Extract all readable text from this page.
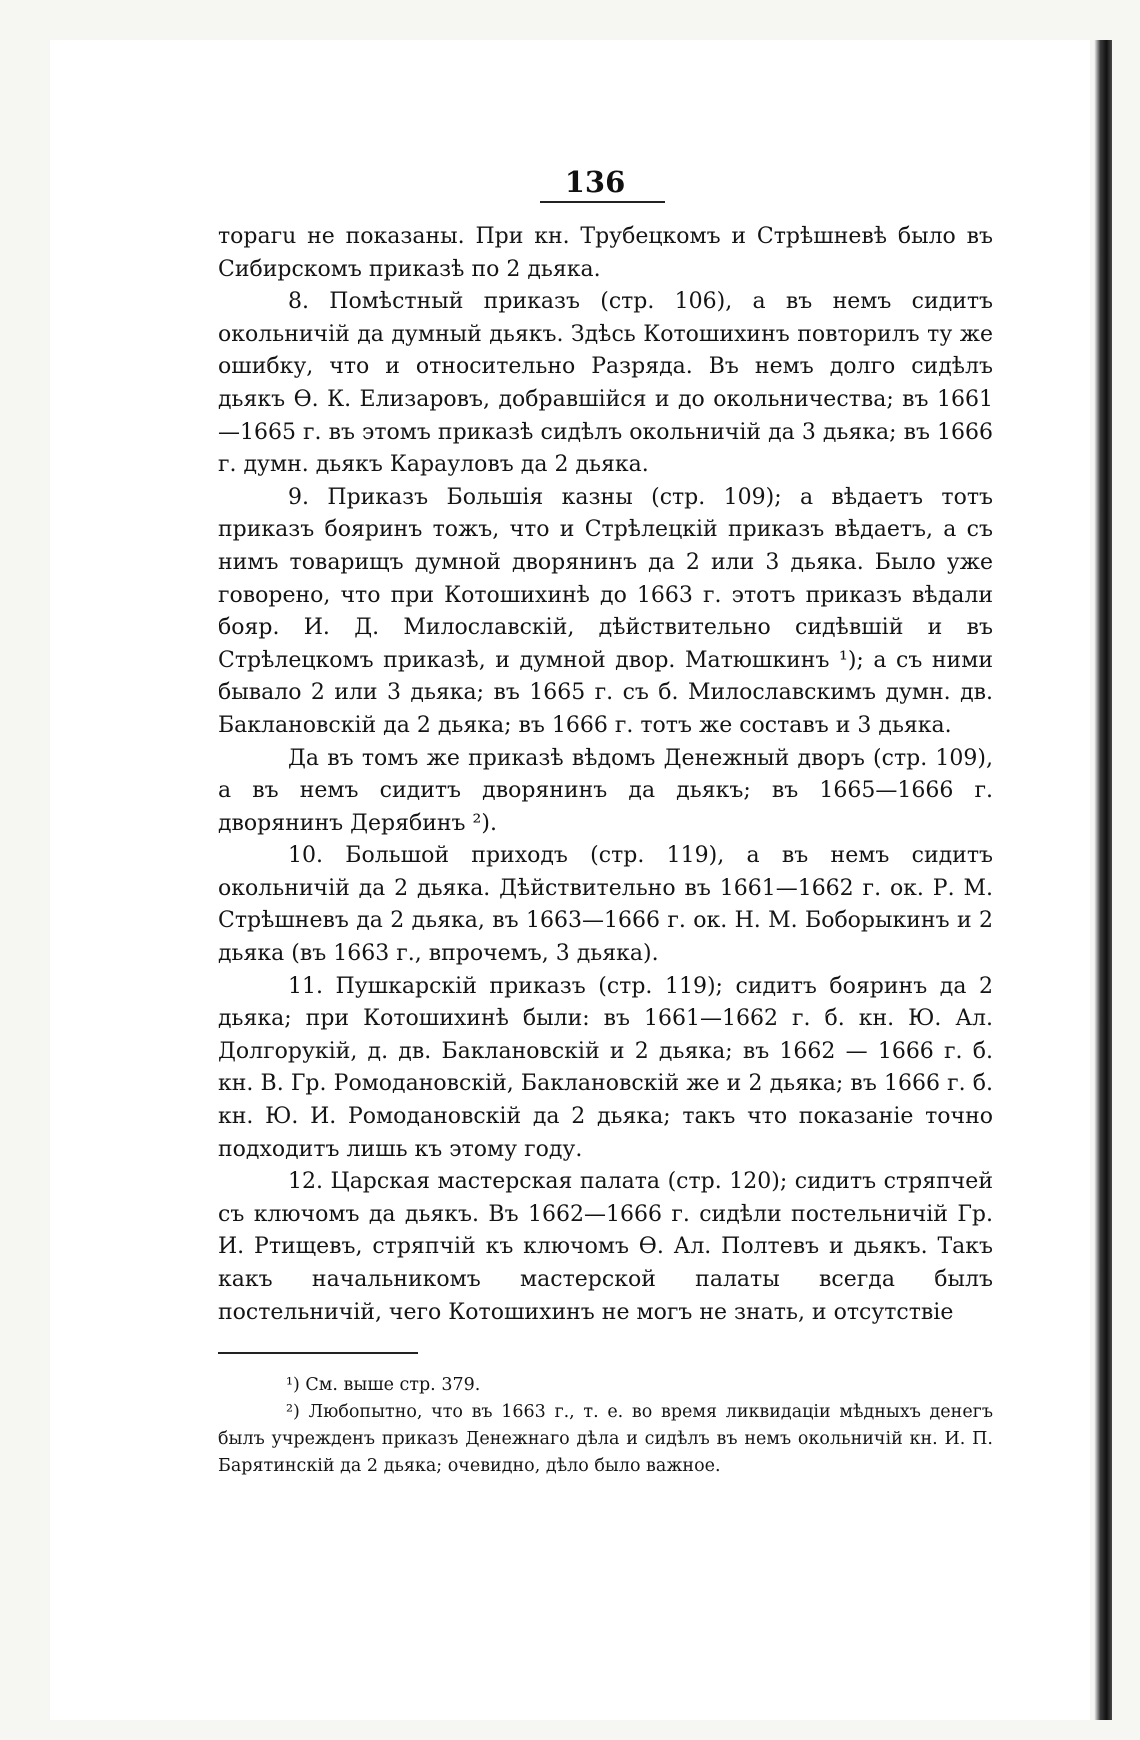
136

торагu не показаны. При кн. Трубецкомъ и Стрѣшневѣ было въ Сибирскомъ приказѣ по 2 дьяка.

8. Помѣстный приказъ (стр. 106), а въ немъ сидитъ окольничій да думный дьякъ. Здѣсь Котошихинъ повторилъ ту же ошибку, что и относительно Разряда. Въ немъ долго сидѣлъ дьякъ Ѳ. К. Елизаровъ, добравшійся и до окольничества; въ 1661—1665 г. въ этомъ приказѣ сидѣлъ окольничій да 3 дьяка; въ 1666 г. думн. дьякъ Карауловъ да 2 дьяка.

9. Приказъ Большія казны (стр. 109); а вѣдаетъ тотъ приказъ бояринъ тожъ, что и Стрѣлецкій приказъ вѣдаетъ, а съ нимъ товарищъ думной дворянинъ да 2 или 3 дьяка. Было уже говорено, что при Котошихинѣ до 1663 г. этотъ приказъ вѣдали бояр. И. Д. Милославскій, дѣйствительно сидѣвшій и въ Стрѣлецкомъ приказѣ, и думной двор. Матюшкинъ ¹); а съ ними бывало 2 или 3 дьяка; въ 1665 г. съ б. Милославскимъ думн. дв. Баклановскій да 2 дьяка; въ 1666 г. тотъ же составъ и 3 дьяка.

Да въ томъ же приказѣ вѣдомъ Денежный дворъ (стр. 109), а въ немъ сидитъ дворянинъ да дьякъ; въ 1665—1666 г. дворянинъ Дерябинъ ²).

10. Большой приходъ (стр. 119), а въ немъ сидитъ окольничій да 2 дьяка. Дѣйствительно въ 1661—1662 г. ок. Р. М. Стрѣшневъ да 2 дьяка, въ 1663—1666 г. ок. Н. М. Боборыкинъ и 2 дьяка (въ 1663 г., впрочемъ, 3 дьяка).

11. Пушкарскій приказъ (стр. 119); сидитъ бояринъ да 2 дьяка; при Котошихинѣ были: въ 1661—1662 г. б. кн. Ю. Ал. Долгорукій, д. дв. Баклановскій и 2 дьяка; въ 1662 — 1666 г. б. кн. В. Гр. Ромодановскій, Баклановскій же и 2 дьяка; въ 1666 г. б. кн. Ю. И. Ромодановскій да 2 дьяка; такъ что показаніе точно подходитъ лишь къ этому году.

12. Царская мастерская палата (стр. 120); сидитъ стряпчей съ ключомъ да дьякъ. Въ 1662—1666 г. сидѣли постельничій Гр. И. Ртищевъ, стряпчій къ ключомъ Ѳ. Ал. Полтевъ и дьякъ. Такъ какъ начальникомъ мастерской палаты всегда былъ постельничій, чего Котошихинъ не могъ не знать, и отсутствіе

¹) См. выше стр. 379.

²) Любопытно, что въ 1663 г., т. е. во время ликвидаціи мѣдныхъ денегъ былъ учрежденъ приказъ Денежнаго дѣла и сидѣлъ въ немъ окольничій кн. И. П. Барятинскій да 2 дьяка; очевидно, дѣло было важное.
